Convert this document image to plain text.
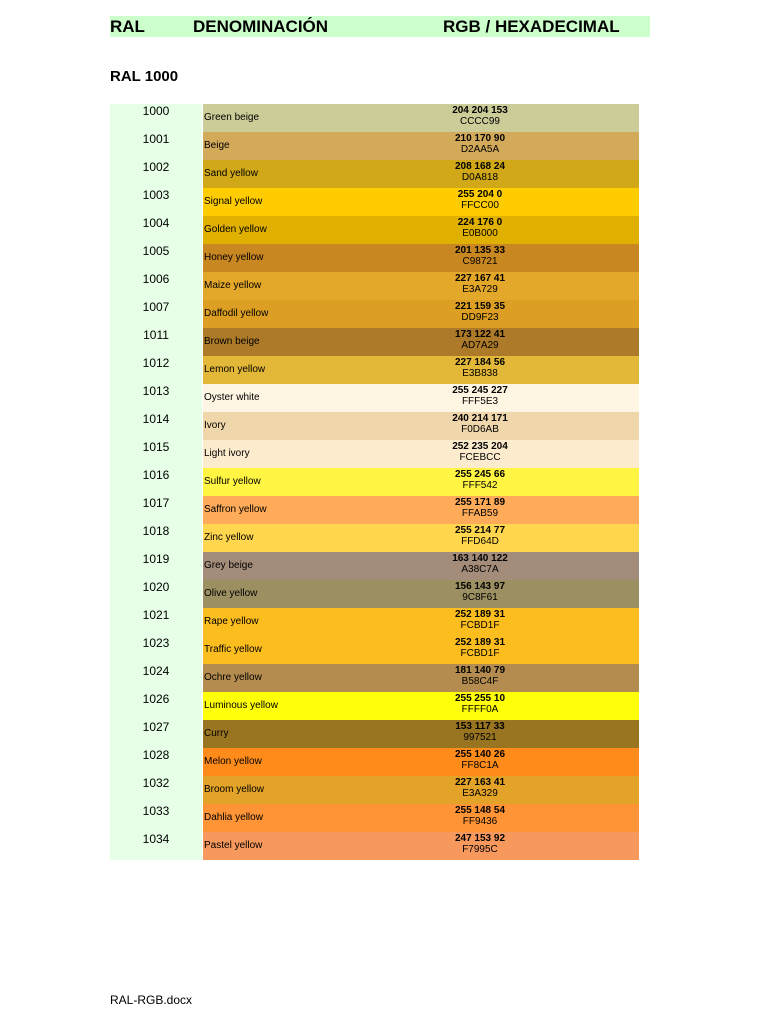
RAL	DENOMINACIÓN	RGB / HEXADECIMAL
RAL 1000
1000	Green beige
204 204 153
CCCC99
1001	Beige
210 170 90
D2AA5A
1002	Sand yellow
208 168 24
D0A818
1003	Signal yellow
255 204 0
FFCC00
1004	Golden yellow
224 176 0
E0B000
1005	Honey yellow
201 135 33
C98721
1006	Maize yellow
227 167 41
E3A729
1007	Daffodil yellow
221 159 35
DD9F23
1011	Brown beige
173 122 41
AD7A29
1012	Lemon yellow
227 184 56
E3B838
1013	Oyster white
255 245 227
FFF5E3
1014	Ivory
240 214 171
F0D6AB
1015	Light ivory
252 235 204
FCEBCC
1016	Sulfur yellow
255 245 66
FFF542
1017	Saffron yellow
255 171 89
FFAB59
1018	Zinc yellow
255 214 77
FFD64D
1019	Grey beige
163 140 122
A38C7A
1020	Olive yellow
156 143 97
9C8F61
1021	Rape yellow
252 189 31
FCBD1F
1023	Traffic yellow
252 189 31
FCBD1F
1024	Ochre yellow
181 140 79
B58C4F
1026	Luminous yellow
255 255 10
FFFF0A
1027	Curry
153 117 33
997521
1028	Melon yellow
255 140 26
FF8C1A
1032	Broom yellow
227 163 41
E3A329
1033	Dahlia yellow
255 148 54
FF9436
1034	Pastel yellow
247 153 92
F7995C
RAL-RGB.docx
